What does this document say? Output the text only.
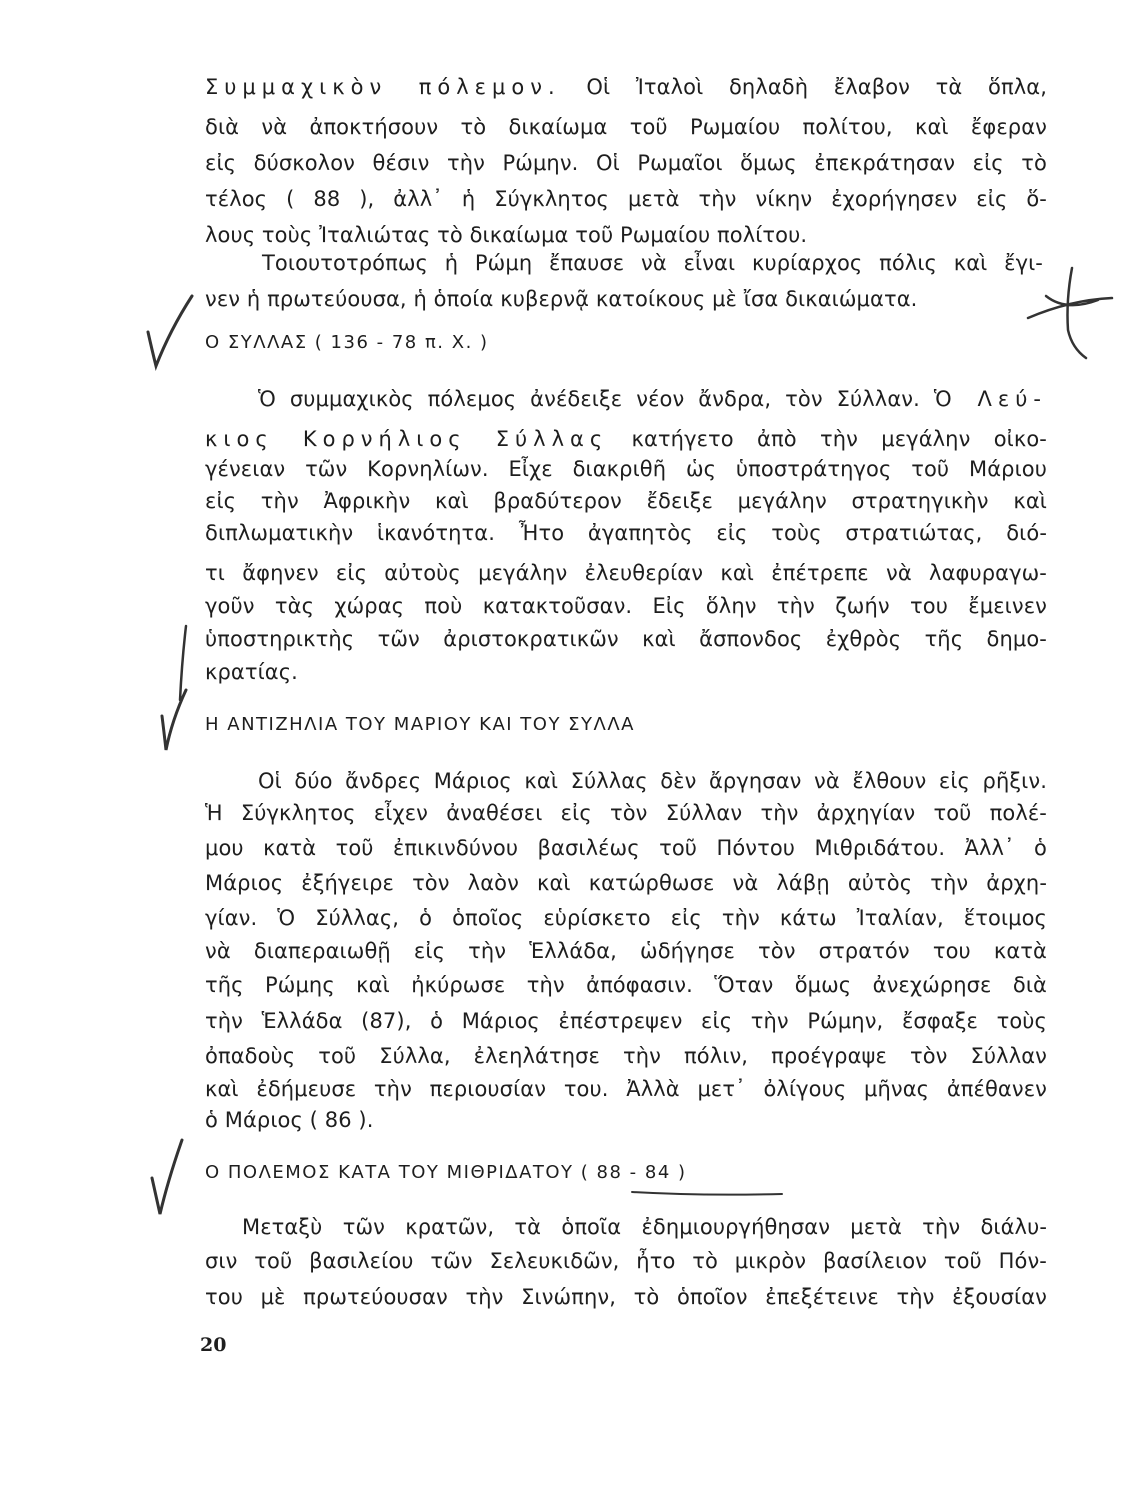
Συμμαχικὸν πόλεμον. Οἱ Ἰταλοὶ δηλαδὴ ἔλαβον τὰ ὅπλα,
διὰ νὰ ἀποκτήσουν τὸ δικαίωμα τοῦ Ρωμαίου πολίτου, καὶ ἔφεραν
εἰς δύσκολον θέσιν τὴν Ρώμην. Οἱ Ρωμαῖοι ὅμως ἐπεκράτησαν εἰς τὸ
τέλος ( 88 ), ἀλλ᾿ ἡ Σύγκλητος μετὰ τὴν νίκην ἐχορήγησεν εἰς ὅ-
λους τοὺς Ἰταλιώτας τὸ δικαίωμα τοῦ Ρωμαίου πολίτου.
Τοιουτοτρόπως ἡ Ρώμη ἔπαυσε νὰ εἶναι κυρίαρχος πόλις καὶ ἔγι-
νεν ἡ πρωτεύουσα, ἡ ὁποία κυβερνᾷ κατοίκους μὲ ἴσα δικαιώματα.
Ο ΣΥΛΛΑΣ ( 136 - 78 π. Χ. )
Ὁ συμμαχικὸς πόλεμος ἀνέδειξε νέον ἄνδρα, τὸν Σύλλαν. Ὁ Λεύ-
κιος Κορνήλιος Σύλλας κατήγετο ἀπὸ τὴν μεγάλην οἰκο-
γένειαν τῶν Κορνηλίων. Εἶχε διακριθῆ ὡς ὑποστράτηγος τοῦ Μάριου
εἰς τὴν Ἀφρικὴν καὶ βραδύτερον ἔδειξε μεγάλην στρατηγικὴν καὶ
διπλωματικὴν ἱκανότητα. Ἦτο ἀγαπητὸς εἰς τοὺς στρατιώτας, διό-
τι ἄφηνεν εἰς αὐτοὺς μεγάλην ἐλευθερίαν καὶ ἐπέτρεπε νὰ λαφυραγω-
γοῦν τὰς χώρας ποὺ κατακτοῦσαν. Εἰς ὅλην τὴν ζωήν του ἔμεινεν
ὑποστηρικτὴς τῶν ἀριστοκρατικῶν καὶ ἄσπονδος ἐχθρὸς τῆς δημο-
κρατίας.
Η ΑΝΤΙΖΗΛΙΑ ΤΟΥ ΜΑΡΙΟΥ ΚΑΙ ΤΟΥ ΣΥΛΛΑ
Οἱ δύο ἄνδρες Μάριος καὶ Σύλλας δὲν ἄργησαν νὰ ἔλθουν εἰς ρῆξιν.
Ἡ Σύγκλητος εἶχεν ἀναθέσει εἰς τὸν Σύλλαν τὴν ἀρχηγίαν τοῦ πολέ-
μου κατὰ τοῦ ἐπικινδύνου βασιλέως τοῦ Πόντου Μιθριδάτου. Ἀλλ᾿ ὁ
Μάριος ἐξήγειρε τὸν λαὸν καὶ κατώρθωσε νὰ λάβῃ αὐτὸς τὴν ἀρχη-
γίαν. Ὁ Σύλλας, ὁ ὁποῖος εὑρίσκετο εἰς τὴν κάτω Ἰταλίαν, ἕτοιμος
νὰ διαπεραιωθῇ εἰς τὴν Ἑλλάδα, ὡδήγησε τὸν στρατόν του κατὰ
τῆς Ρώμης καὶ ἠκύρωσε τὴν ἀπόφασιν. Ὅταν ὅμως ἀνεχώρησε διὰ
τὴν Ἑλλάδα (87), ὁ Μάριος ἐπέστρεψεν εἰς τὴν Ρώμην, ἔσφαξε τοὺς
ὀπαδοὺς τοῦ Σύλλα, ἐλεηλάτησε τὴν πόλιν, προέγραψε τὸν Σύλλαν
καὶ ἐδήμευσε τὴν περιουσίαν του. Ἀλλὰ μετ᾿ ὀλίγους μῆνας ἀπέθανεν
ὁ Μάριος ( 86 ).
Ο ΠΟΛΕΜΟΣ ΚΑΤΑ ΤΟΥ ΜΙΘΡΙΔΑΤΟΥ ( 88 - 84 )
Μεταξὺ τῶν κρατῶν, τὰ ὁποῖα ἐδημιουργήθησαν μετὰ τὴν διάλυ-
σιν τοῦ βασιλείου τῶν Σελευκιδῶν, ἦτο τὸ μικρὸν βασίλειον τοῦ Πόν-
του μὲ πρωτεύουσαν τὴν Σινώπην, τὸ ὁποῖον ἐπεξέτεινε τὴν ἐξουσίαν
20
